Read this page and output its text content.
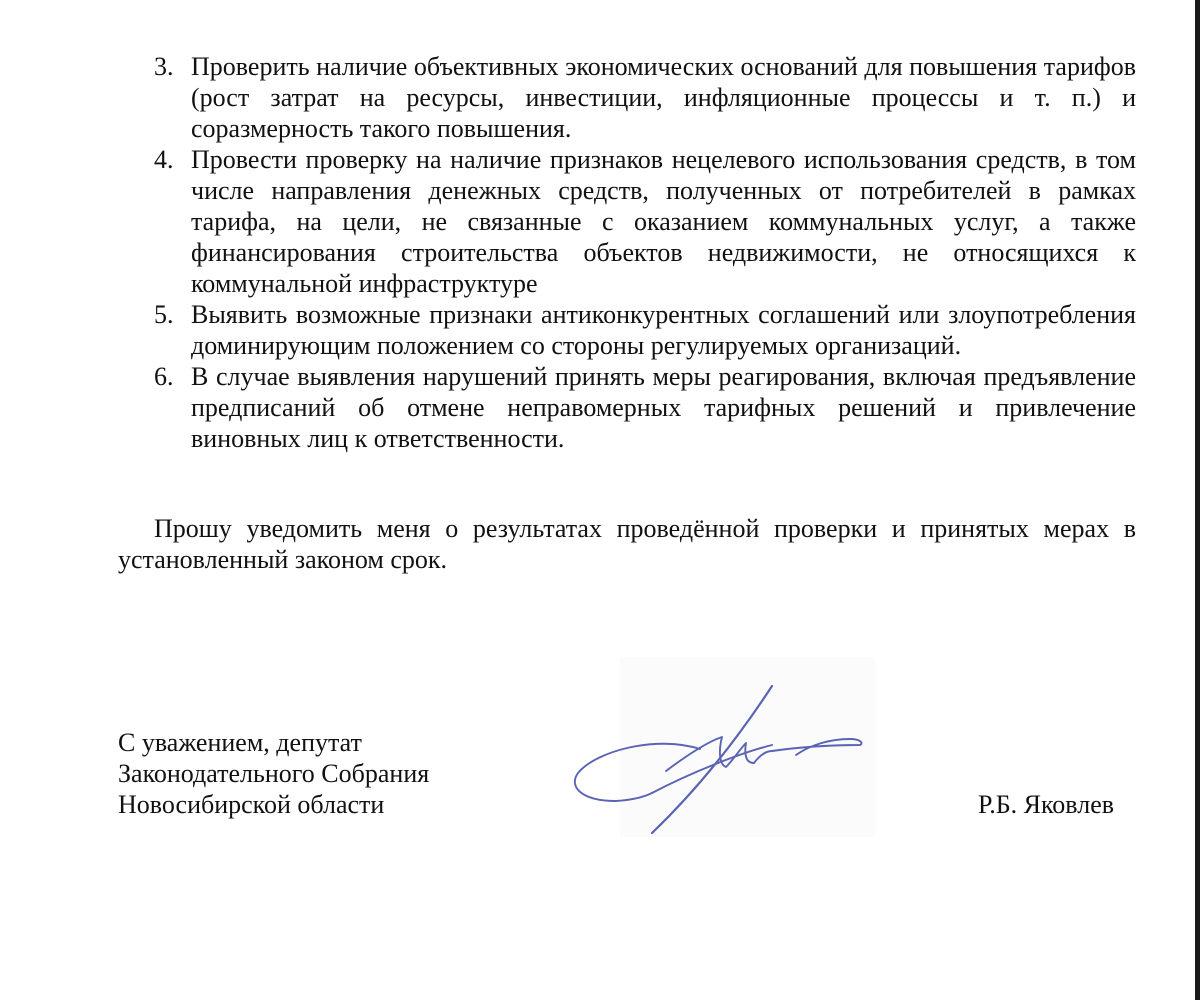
3. Проверить наличие объективных экономических оснований для повышения тарифов (рост затрат на ресурсы, инвестиции, инфляционные процессы и т. п.) и соразмерность такого повышения.
4. Провести проверку на наличие признаков нецелевого использования средств, в том числе направления денежных средств, полученных от потребителей в рамках тарифа, на цели, не связанные с оказанием коммунальных услуг, а также финансирования строительства объектов недвижимости, не относящихся к коммунальной инфраструктуре
5. Выявить возможные признаки антиконкурентных соглашений или злоупотребления доминирующим положением со стороны регулируемых организаций.
6. В случае выявления нарушений принять меры реагирования, включая предъявление предписаний об отмене неправомерных тарифных решений и привлечение виновных лиц к ответственности.

Прошу уведомить меня о результатах проведённой проверки и принятых мерах в установленный законом срок.

С уважением, депутат
Законодательного Собрания
Новосибирской области	Р.Б. Яковлев
